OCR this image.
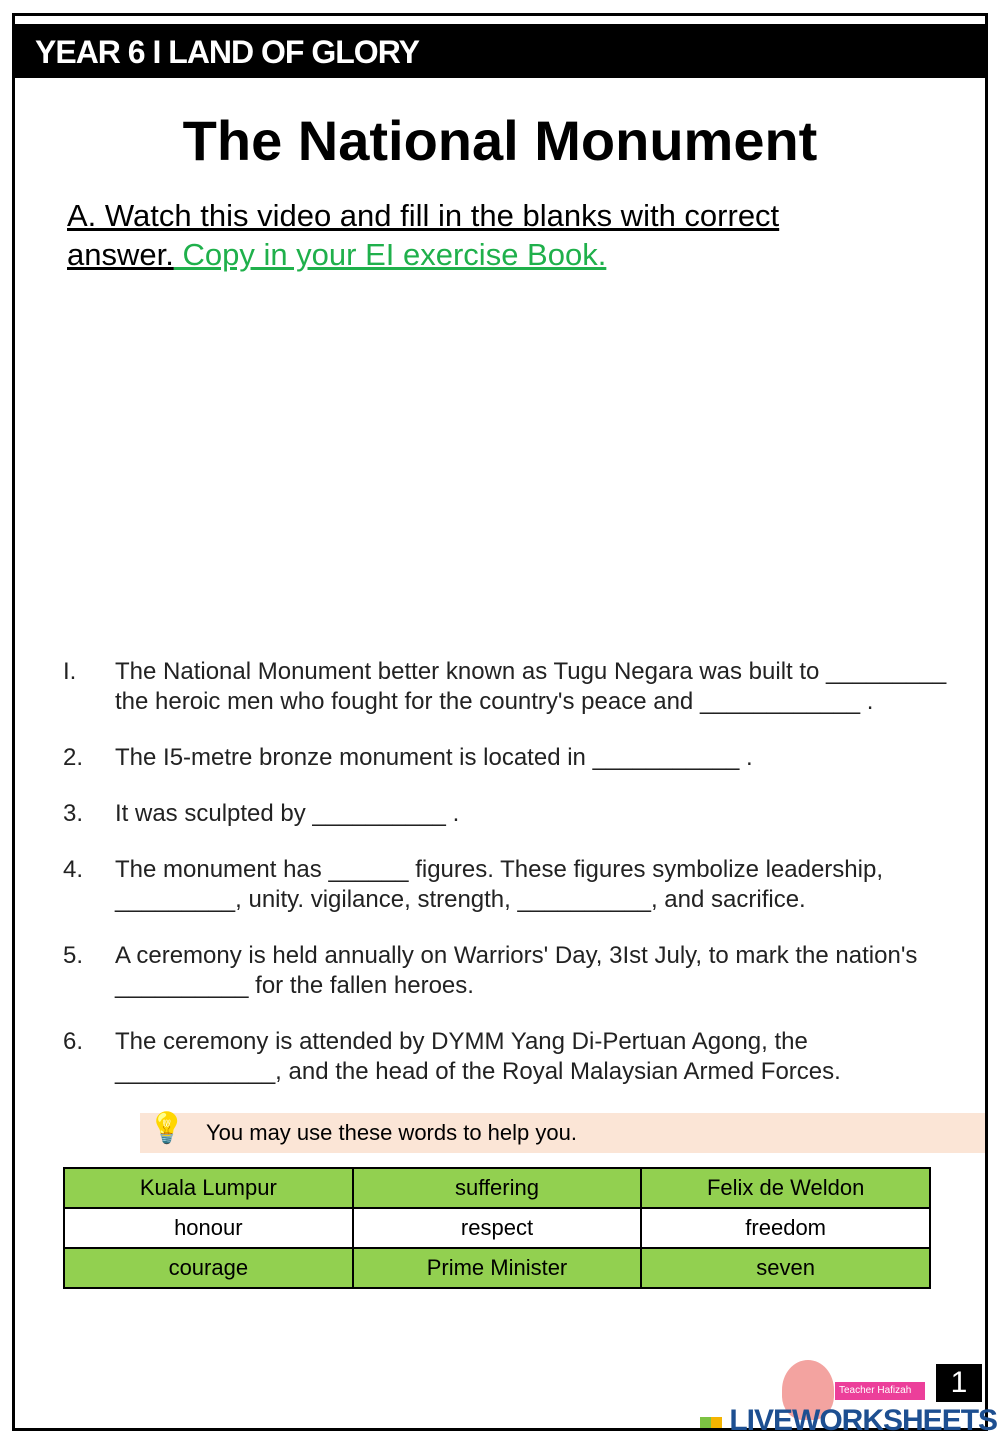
YEAR 6 I LAND OF GLORY
The National Monument
A. Watch this video and fill in the blanks with correct answer. Copy in your EI exercise Book.
I.	The National Monument better known as Tugu Negara was built to _________ the heroic men who fought for the country's peace and ____________ .
2.	The I5-metre bronze monument is located in ___________ .
3.	It was sculpted by __________ .
4.	The monument has ______ figures. These figures symbolize leadership, _________, unity. vigilance, strength, __________, and sacrifice.
5.	A ceremony is held annually on Warriors' Day, 3Ist July, to mark the nation's __________ for the fallen heroes.
6.	The ceremony is attended by DYMM Yang Di-Pertuan Agong, the ____________, and the head of the Royal Malaysian Armed Forces.
💡 You may use these words to help you.
Kuala Lumpur	suffering	Felix de Weldon
honour	respect	freedom
courage	Prime Minister	seven
Teacher Hafizah	1
LIVEWORKSHEETS
